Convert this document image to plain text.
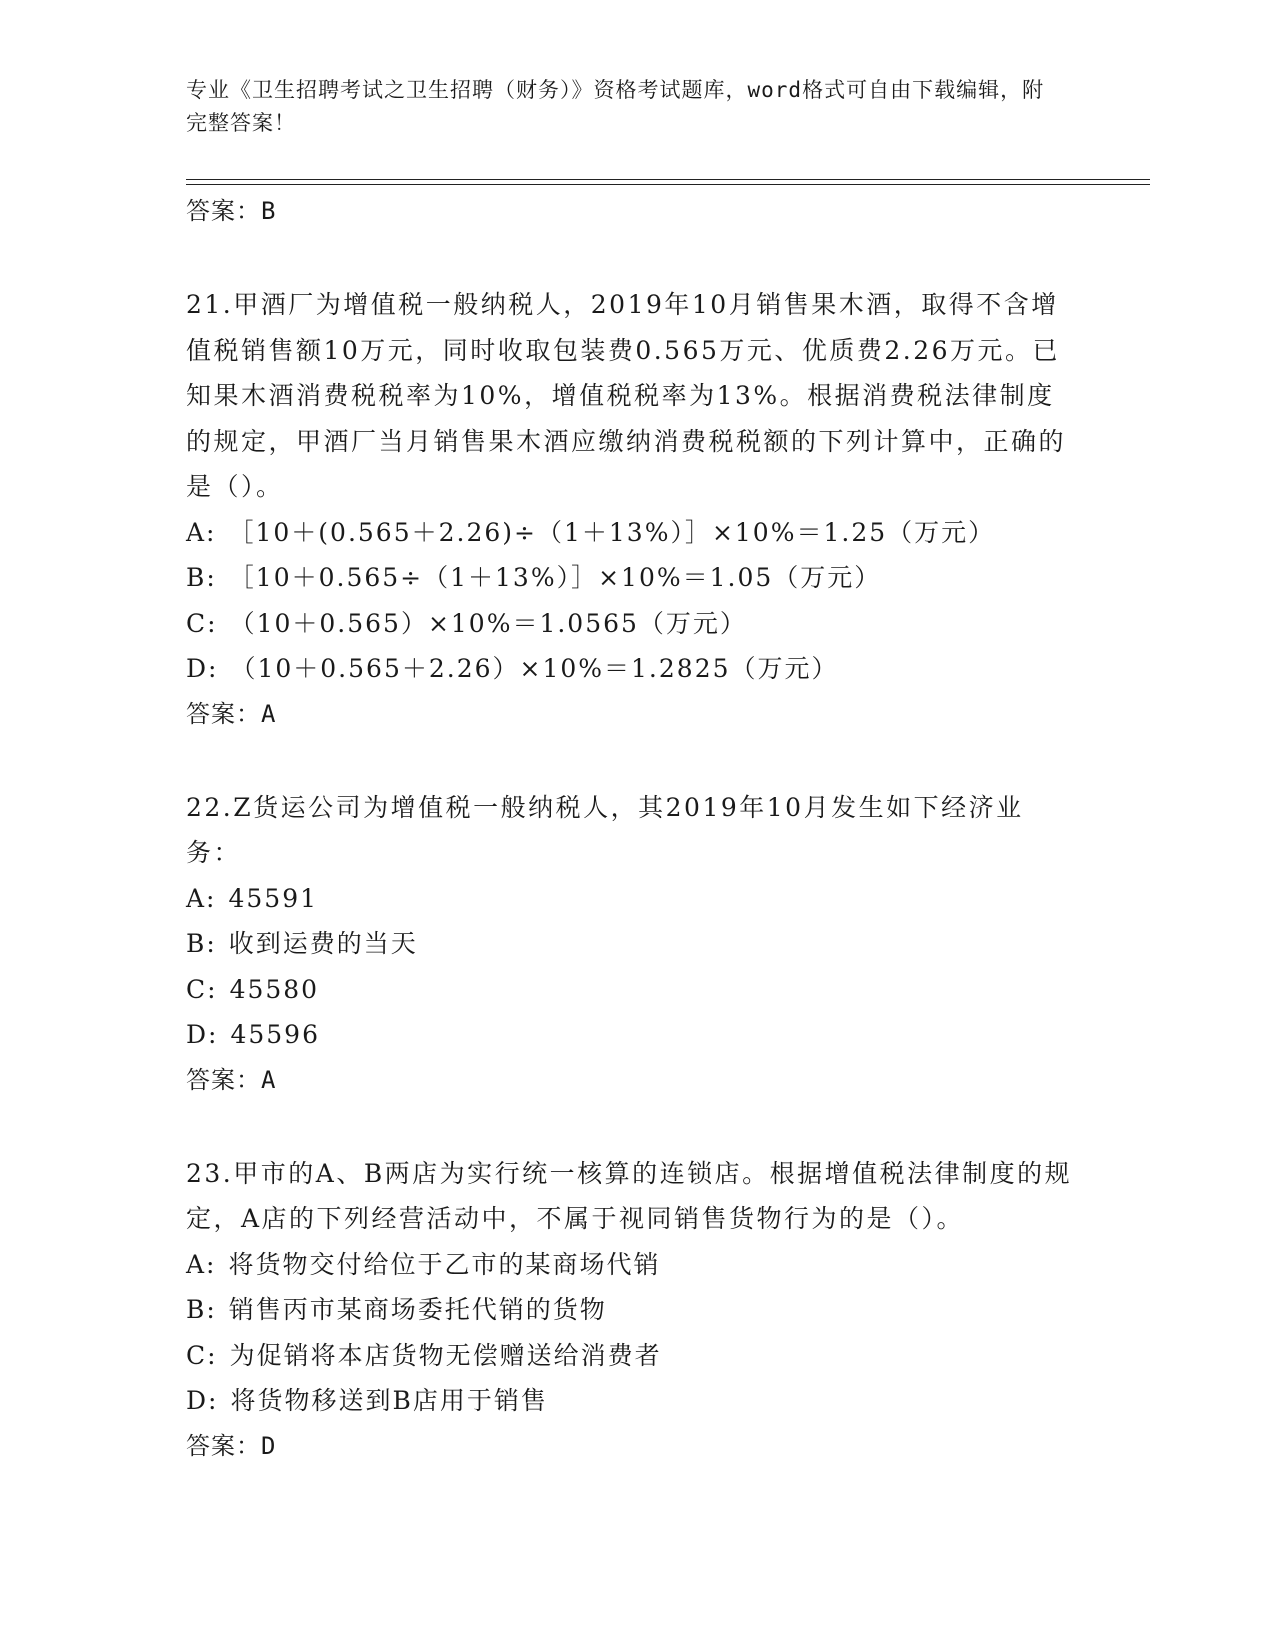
专业《卫生招聘考试之卫生招聘（财务）》资格考试题库，word格式可自由下载编辑，附完整答案！
答案：B

21.甲酒厂为增值税一般纳税人，2019年10月销售果木酒，取得不含增值税销售额10万元，同时收取包装费0.565万元、优质费2.26万元。已知果木酒消费税税率为10%，增值税税率为13%。根据消费税法律制度的规定，甲酒厂当月销售果木酒应缴纳消费税税额的下列计算中，正确的是（）。

A: ［10＋(0.565＋2.26)÷（1＋13%）］×10%＝1.25（万元）
B: ［10＋0.565÷（1＋13%）］×10%＝1.05（万元）
C: （10＋0.565）×10%＝1.0565（万元）
D: （10＋0.565＋2.26）×10%＝1.2825（万元）
答案：A

22.Z货运公司为增值税一般纳税人，其2019年10月发生如下经济业务：

A: 45591
B: 收到运费的当天
C: 45580
D: 45596
答案：A

23.甲市的A、B两店为实行统一核算的连锁店。根据增值税法律制度的规定，A店的下列经营活动中，不属于视同销售货物行为的是（）。

A: 将货物交付给位于乙市的某商场代销
B: 销售丙市某商场委托代销的货物
C: 为促销将本店货物无偿赠送给消费者
D: 将货物移送到B店用于销售
答案：D
